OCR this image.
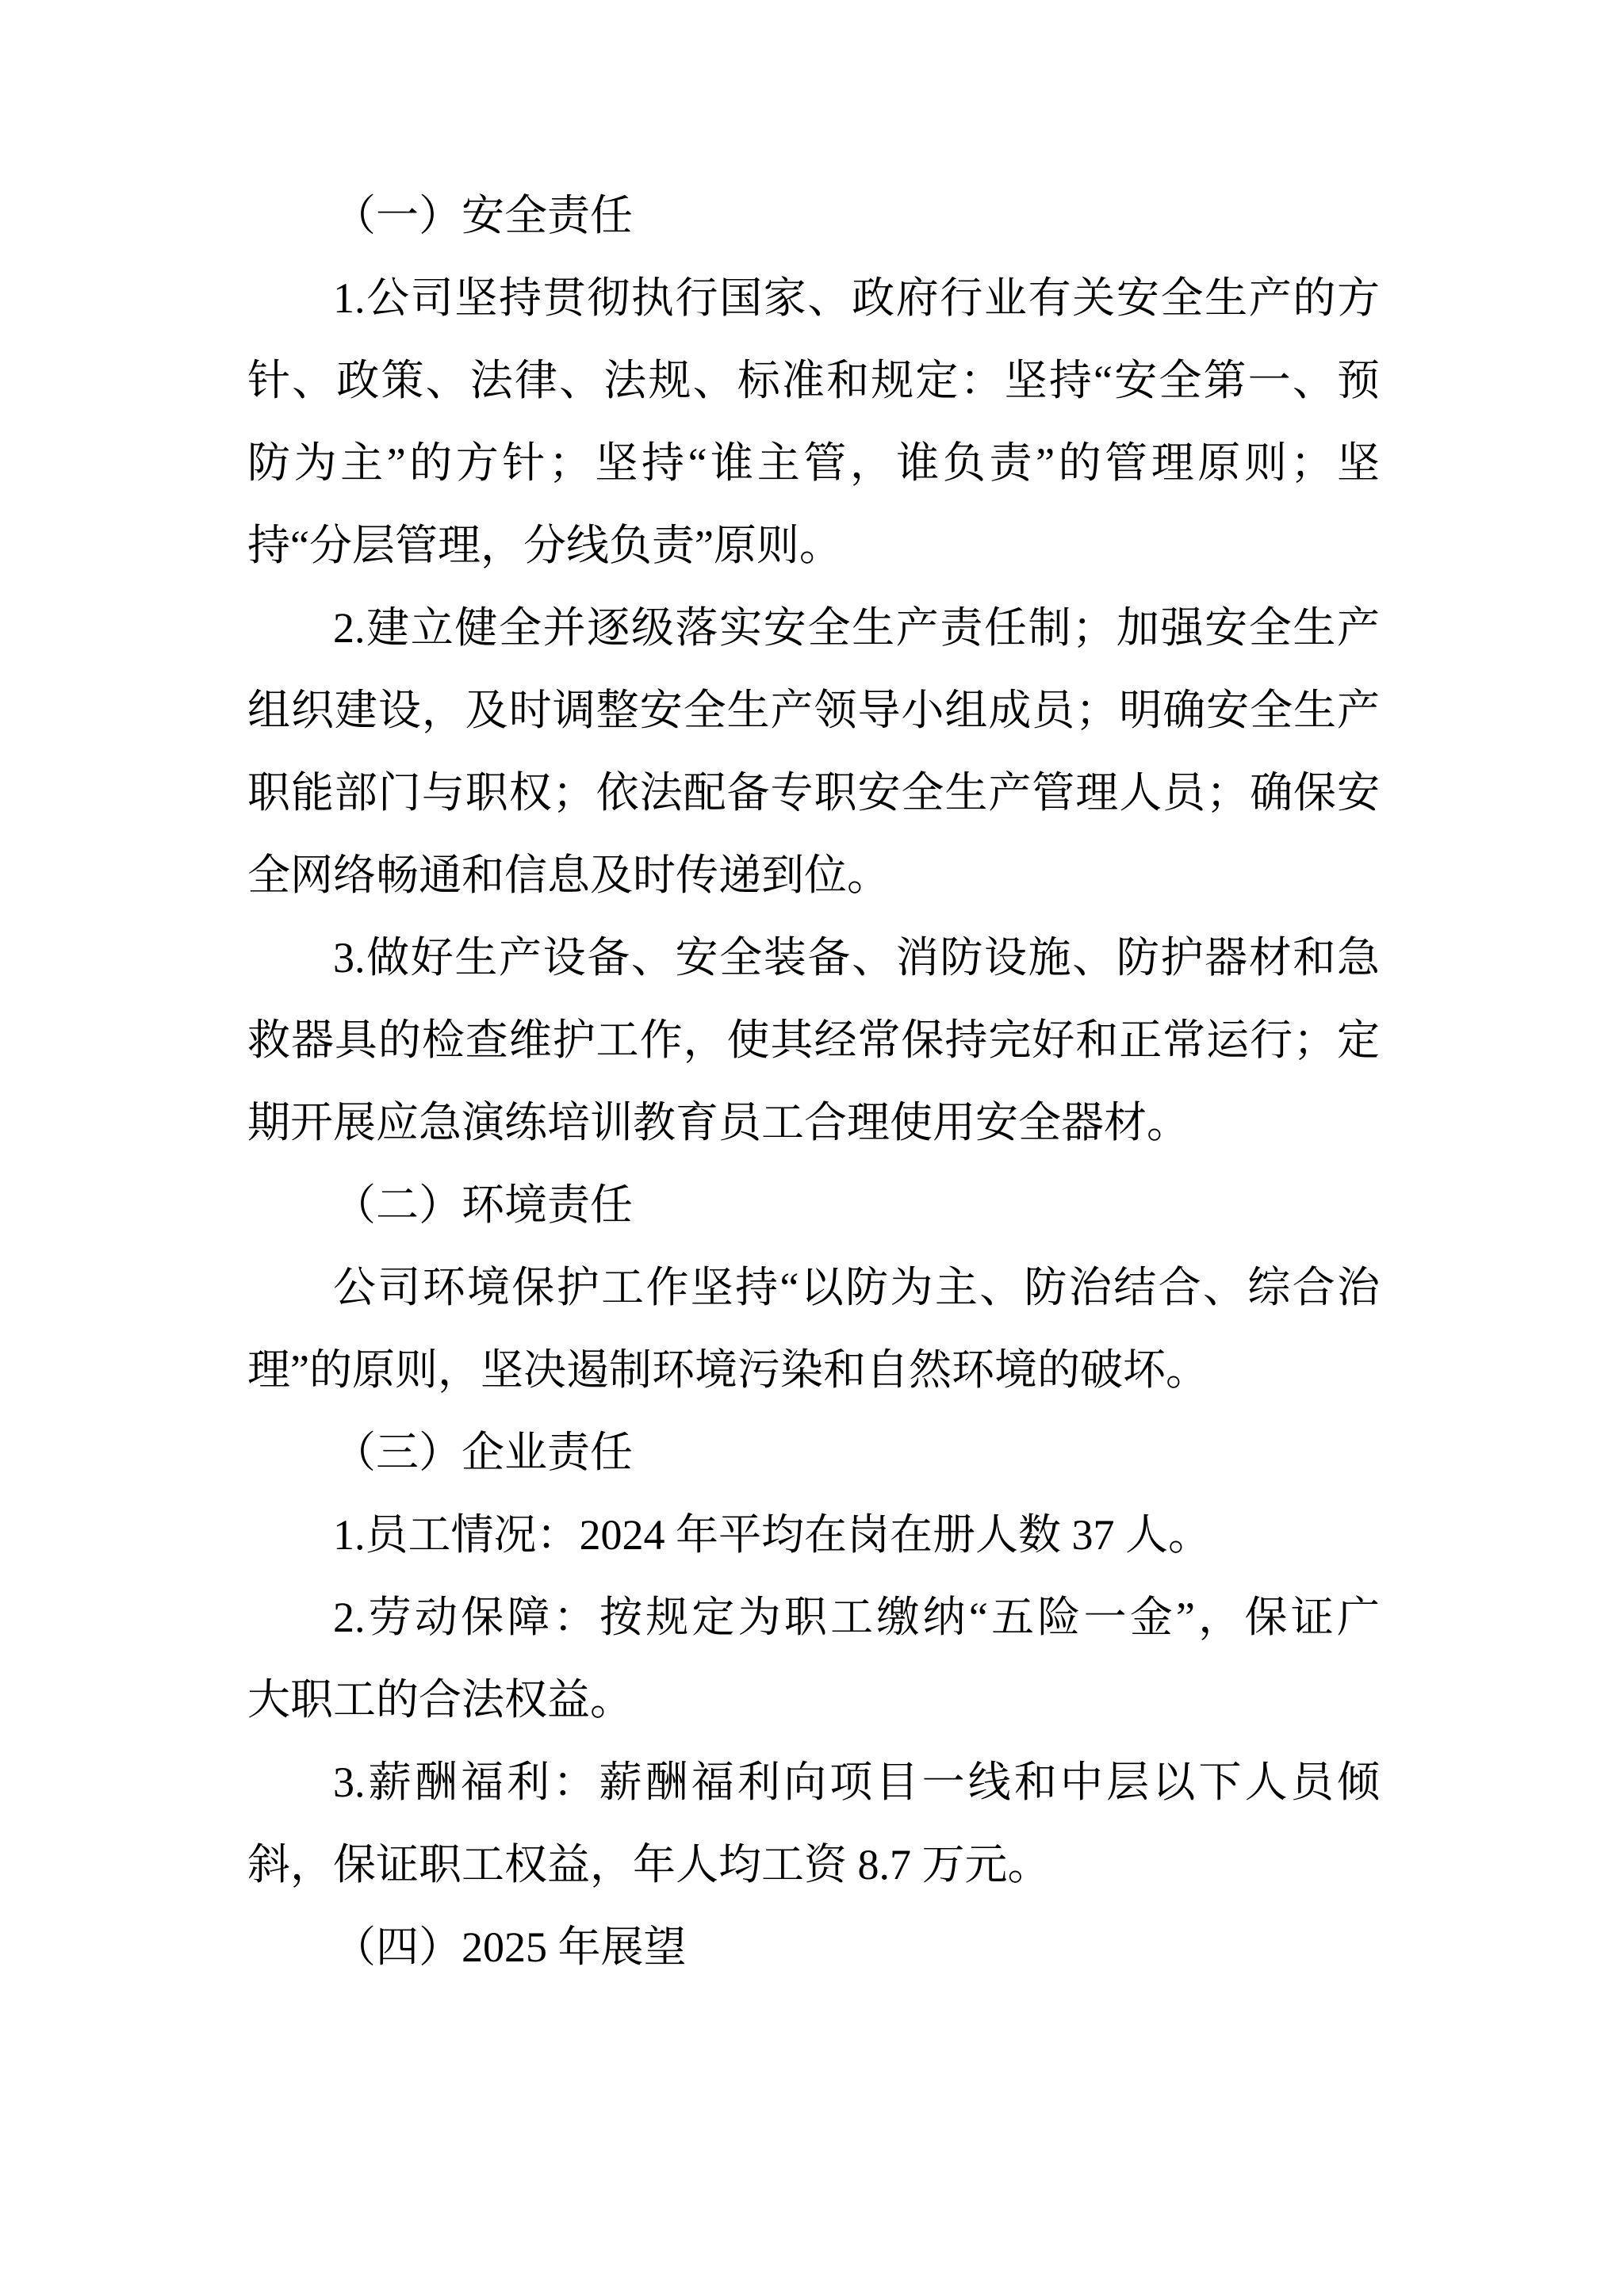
（一）安全责任
1.公司坚持贯彻执行国家、政府行业有关安全生产的方
针、政策、法律、法规、标准和规定：坚持“安全第一、预
防为主”的方针；坚持“谁主管，谁负责”的管理原则；坚
持“分层管理，分线负责”原则。
2.建立健全并逐级落实安全生产责任制；加强安全生产
组织建设，及时调整安全生产领导小组成员；明确安全生产
职能部门与职权；依法配备专职安全生产管理人员；确保安
全网络畅通和信息及时传递到位。
3.做好生产设备、安全装备、消防设施、防护器材和急
救器具的检查维护工作，使其经常保持完好和正常运行；定
期开展应急演练培训教育员工合理使用安全器材。
（二）环境责任
公司环境保护工作坚持“以防为主、防治结合、综合治
理”的原则，坚决遏制环境污染和自然环境的破坏。
（三）企业责任
1.员工情况：2024 年平均在岗在册人数 37 人。
2.劳动保障：按规定为职工缴纳“五险一金”，保证广
大职工的合法权益。
3.薪酬福利：薪酬福利向项目一线和中层以下人员倾
斜，保证职工权益，年人均工资 8.7 万元。
（四）2025 年展望
